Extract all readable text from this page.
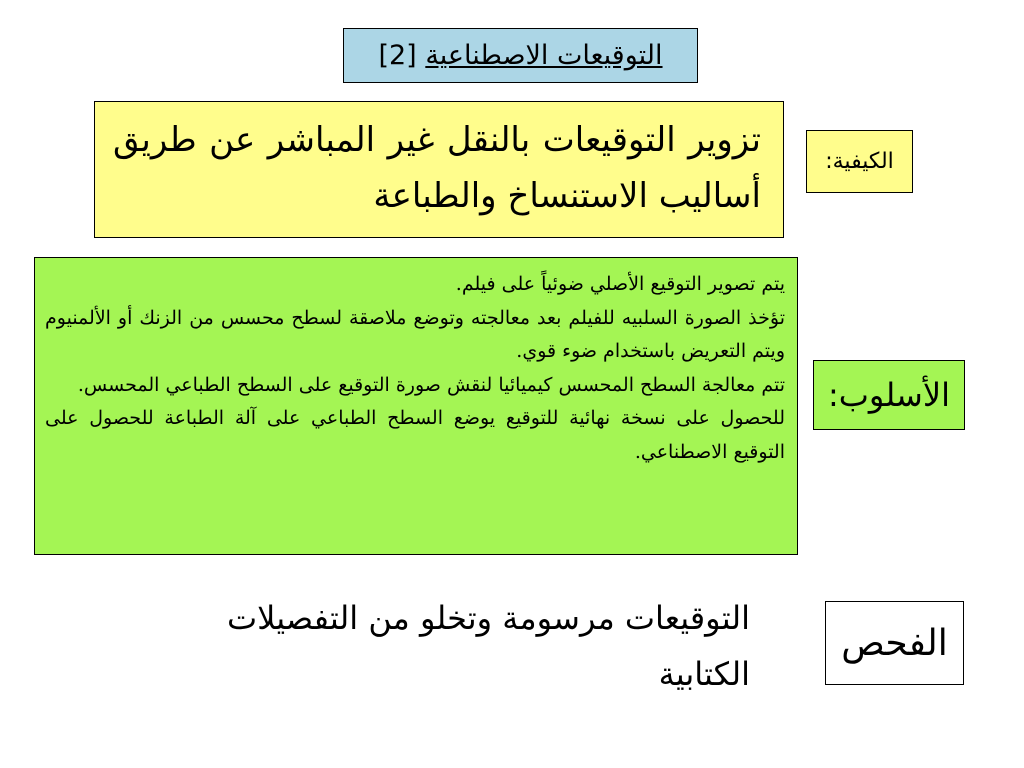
التوقيعات الاصطناعية

[2]
تزوير التوقيعات بالنقل غير المباشر عن طريق أساليب الاستنساخ والطباعة
الكيفية:

يتم تصوير التوقيع الأصلي ضوئياً على فيلم.

تؤخذ الصورة السلبيه للفيلم بعد معالجته وتوضع ملاصقة لسطح محسس من الزنك أو الألمنيوم ويتم التعريض باستخدام ضوء قوي.

تتم معالجة السطح المحسس كيميائيا لنقش صورة التوقيع على السطح الطباعي المحسس.

للحصول على نسخة نهائية للتوقيع يوضع السطح الطباعي على آلة الطباعة للحصول على التوقيع الاصطناعي.

الأسلوب:
التوقيعات مرسومة وتخلو من التفصيلات الكتابية
الفحص
